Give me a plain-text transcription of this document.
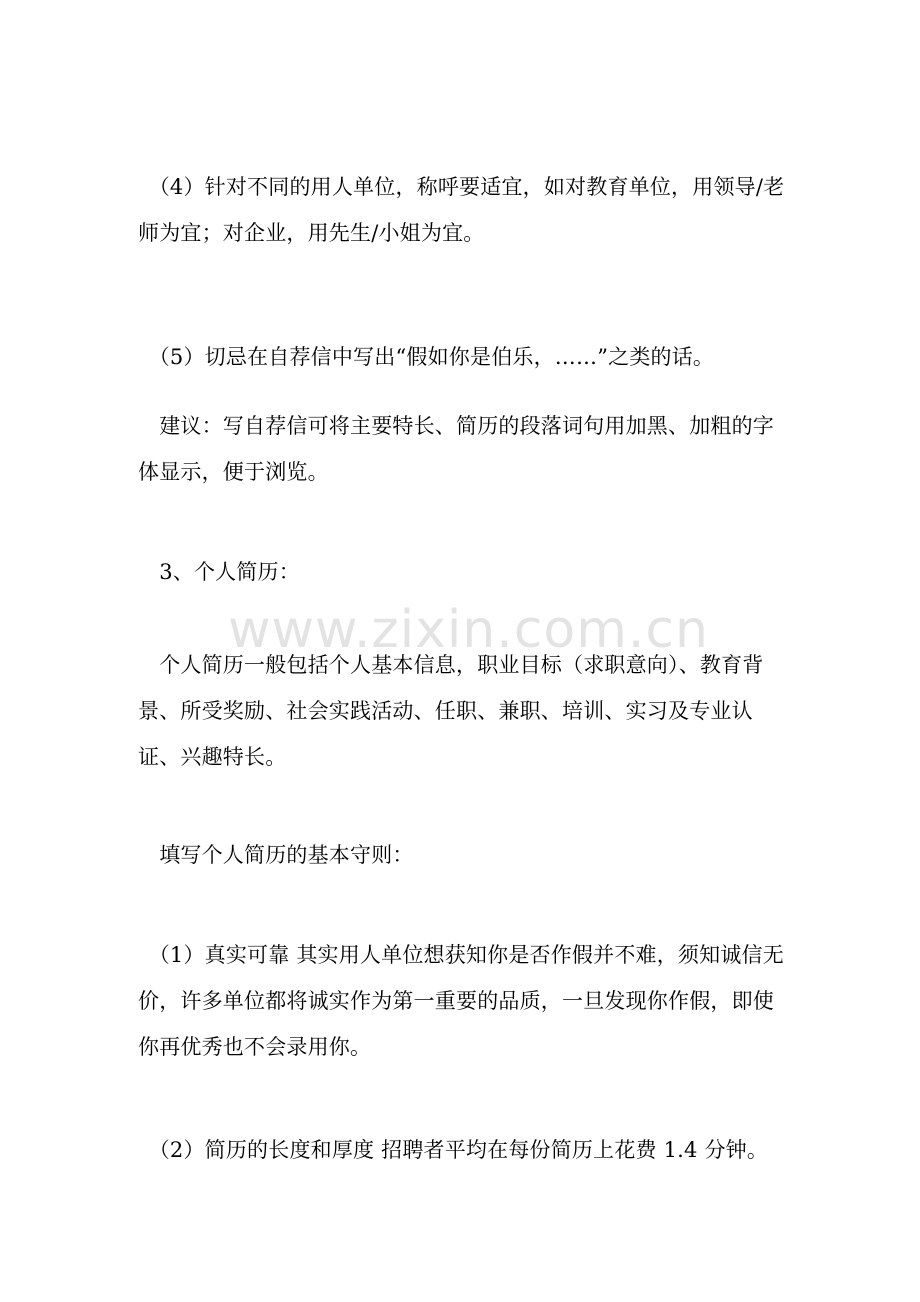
www.zixin.com.cn

　（4）针对不同的用人单位，称呼要适宜，如对教育单位，用领导/老师为宜；对企业，用先生/小姐为宜。

　（5）切忌在自荐信中写出“假如你是伯乐，……”之类的话。

　建议：写自荐信可将主要特长、简历的段落词句用加黑、加粗的字体显示，便于浏览。

　3、个人简历：

　个人简历一般包括个人基本信息，职业目标（求职意向）、教育背景、所受奖励、社会实践活动、任职、兼职、培训、实习及专业认证、兴趣特长。

　填写个人简历的基本守则：

　（1）真实可靠 其实用人单位想获知你是否作假并不难，须知诚信无价，许多单位都将诚实作为第一重要的品质，一旦发现你作假，即使你再优秀也不会录用你。

　（2）简历的长度和厚度 招聘者平均在每份简历上花费 1.4 分钟。
